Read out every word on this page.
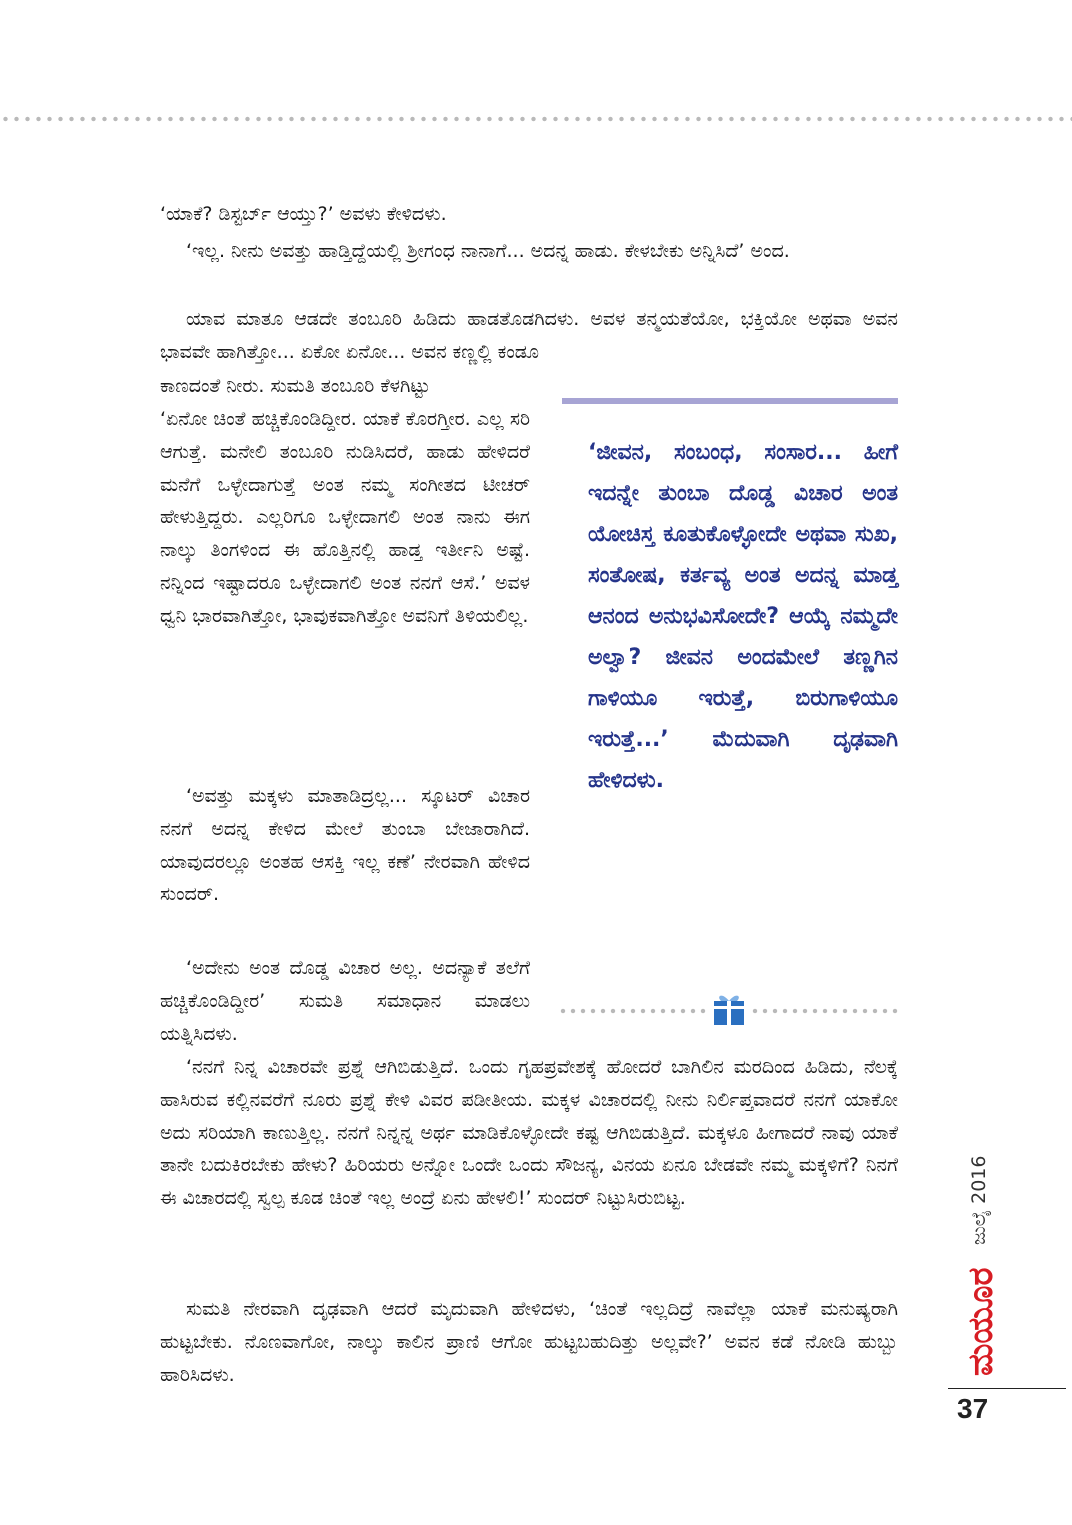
‘ಯಾಕೆ? ಡಿಸ್ಟರ್ಬ್ ಆಯ್ತು?’ ಅವಳು ಕೇಳಿದಳು.

‘ಇಲ್ಲ. ನೀನು ಅವತ್ತು ಹಾಡ್ತಿದ್ದೆಯಲ್ಲಿ ಶ್ರೀಗಂಧ ನಾನಾಗೆ... ಅದನ್ನ ಹಾಡು. ಕೇಳಬೇಕು ಅನ್ನಿಸಿದೆ’ ಅಂದ.

ಯಾವ ಮಾತೂ ಆಡದೇ ತಂಬೂರಿ ಹಿಡಿದು ಹಾಡತೊಡಗಿದಳು. ಅವಳ ತನ್ಮಯತೆಯೋ, ಭಕ್ತಿಯೋ ಅಥವಾ ಅವನ ಭಾವವೇ ಹಾಗಿತ್ತೋ... ಏಕೋ ಏನೋ... ಅವನ ಕಣ್ಣಲ್ಲಿ ಕಂಡೂ

ಕಾಣದಂತೆ ನೀರು. ಸುಮತಿ ತಂಬೂರಿ ಕೆಳಗಿಟ್ಟು

‘ಏನೋ ಚಿಂತೆ ಹಚ್ಚಿಕೊಂಡಿದ್ದೀರ. ಯಾಕೆ ಕೊರಗ್ತೀರ. ಎಲ್ಲ ಸರಿ ಆಗುತ್ತೆ. ಮನೇಲಿ ತಂಬೂರಿ ನುಡಿಸಿದರೆ, ಹಾಡು ಹೇಳಿದರೆ ಮನೆಗೆ ಒಳ್ಳೇದಾಗುತ್ತೆ ಅಂತ ನಮ್ಮ ಸಂಗೀತದ ಟೀಚರ್ ಹೇಳುತ್ತಿದ್ದರು. ಎಲ್ಲರಿಗೂ ಒಳ್ಳೇದಾಗಲಿ ಅಂತ ನಾನು ಈಗ ನಾಲ್ಕು ತಿಂಗಳಿಂದ ಈ ಹೊತ್ತಿನಲ್ಲಿ ಹಾಡ್ತ ಇರ್ತೀನಿ ಅಷ್ಟೆ. ನನ್ನಿಂದ ಇಷ್ಟಾದರೂ ಒಳ್ಳೇದಾಗಲಿ ಅಂತ ನನಗೆ ಆಸೆ.’ ಅವಳ ಧ್ವನಿ ಭಾರವಾಗಿತ್ತೋ, ಭಾವುಕವಾಗಿತ್ತೋ ಅವನಿಗೆ ತಿಳಿಯಲಿಲ್ಲ.

‘ಅವತ್ತು ಮಕ್ಕಳು ಮಾತಾಡಿದ್ರಲ್ಲ... ಸ್ಕೂಟರ್ ವಿಚಾರ ನನಗೆ ಅದನ್ನ ಕೇಳಿದ ಮೇಲೆ ತುಂಬಾ ಬೇಜಾರಾಗಿದೆ. ಯಾವುದರಲ್ಲೂ ಅಂತಹ ಆಸಕ್ತಿ ಇಲ್ಲ ಕಣೆ’ ನೇರವಾಗಿ ಹೇಳಿದ ಸುಂದರ್.

‘ಅದೇನು ಅಂತ ದೊಡ್ಡ ವಿಚಾರ ಅಲ್ಲ. ಅದನ್ಯಾಕೆ ತಲೆಗೆ ಹಚ್ಚಿಕೊಂಡಿದ್ದೀರ’ ಸುಮತಿ ಸಮಾಧಾನ ಮಾಡಲು ಯತ್ನಿಸಿದಳು.

‘ನನಗೆ ನಿನ್ನ ವಿಚಾರವೇ ಪ್ರಶ್ನೆ ಆಗಿಬಿಡುತ್ತಿದೆ. ಒಂದು ಗೃಹಪ್ರವೇಶಕ್ಕೆ ಹೋದರೆ ಬಾಗಿಲಿನ ಮರದಿಂದ ಹಿಡಿದು, ನೆಲಕ್ಕೆ ಹಾಸಿರುವ ಕಲ್ಲಿನವರೆಗೆ ನೂರು ಪ್ರಶ್ನೆ ಕೇಳಿ ವಿವರ ಪಡೀತೀಯ. ಮಕ್ಕಳ ವಿಚಾರದಲ್ಲಿ ನೀನು ನಿರ್ಲಿಪ್ತವಾದರೆ ನನಗೆ ಯಾಕೋ ಅದು ಸರಿಯಾಗಿ ಕಾಣುತ್ತಿಲ್ಲ. ನನಗೆ ನಿನ್ನನ್ನ ಅರ್ಥ ಮಾಡಿಕೊಳ್ಳೋದೇ ಕಷ್ಟ ಆಗಿಬಿಡುತ್ತಿದೆ. ಮಕ್ಕಳೂ ಹೀಗಾದರೆ ನಾವು ಯಾಕೆ ತಾನೇ ಬದುಕಿರಬೇಕು ಹೇಳು? ಹಿರಿಯರು ಅನ್ನೋ ಒಂದೇ ಒಂದು ಸೌಜನ್ಯ, ವಿನಯ ಏನೂ ಬೇಡವೇ ನಮ್ಮ ಮಕ್ಕಳಿಗೆ? ನಿನಗೆ ಈ ವಿಚಾರದಲ್ಲಿ ಸ್ವಲ್ಪ ಕೂಡ ಚಿಂತೆ ಇಲ್ಲ ಅಂದ್ರೆ ಏನು ಹೇಳಲಿ!’ ಸುಂದರ್ ನಿಟ್ಟುಸಿರುಬಿಟ್ಟ.

ಸುಮತಿ ನೇರವಾಗಿ ದೃಢವಾಗಿ ಆದರೆ ಮೃದುವಾಗಿ ಹೇಳಿದಳು, ‘ಚಿಂತೆ ಇಲ್ಲದಿದ್ರೆ ನಾವೆಲ್ಲಾ ಯಾಕೆ ಮನುಷ್ಯರಾಗಿ ಹುಟ್ಟಬೇಕು. ನೊಣವಾಗೋ, ನಾಲ್ಕು ಕಾಲಿನ ಪ್ರಾಣಿ ಆಗೋ ಹುಟ್ಟಬಹುದಿತ್ತು ಅಲ್ಲವೇ?’ ಅವನ ಕಡೆ ನೋಡಿ ಹುಬ್ಬು ಹಾರಿಸಿದಳು.

‘ಜೀವನ, ಸಂಬಂಧ, ಸಂಸಾರ... ಹೀಗೆ ಇದನ್ನೇ ತುಂಬಾ ದೊಡ್ಡ ವಿಚಾರ ಅಂತ ಯೋಚಿಸ್ತ ಕೂತುಕೊಳ್ಳೋದೇ ಅಥವಾ ಸುಖ, ಸಂತೋಷ, ಕರ್ತವ್ಯ ಅಂತ ಅದನ್ನ ಮಾಡ್ತ ಆನಂದ ಅನುಭವಿಸೋದೇ? ಆಯ್ಕೆ ನಮ್ಮದೇ ಅಲ್ವಾ? ಜೀವನ ಅಂದಮೇಲೆ ತಣ್ಣಗಿನ ಗಾಳಿಯೂ ಇರುತ್ತೆ, ಬಿರುಗಾಳಿಯೂ ಇರುತ್ತೆ...’ ಮೆದುವಾಗಿ ದೃಢವಾಗಿ ಹೇಳಿದಳು.

ಜುಲೈ 2016
ಮಯೂರ
37
